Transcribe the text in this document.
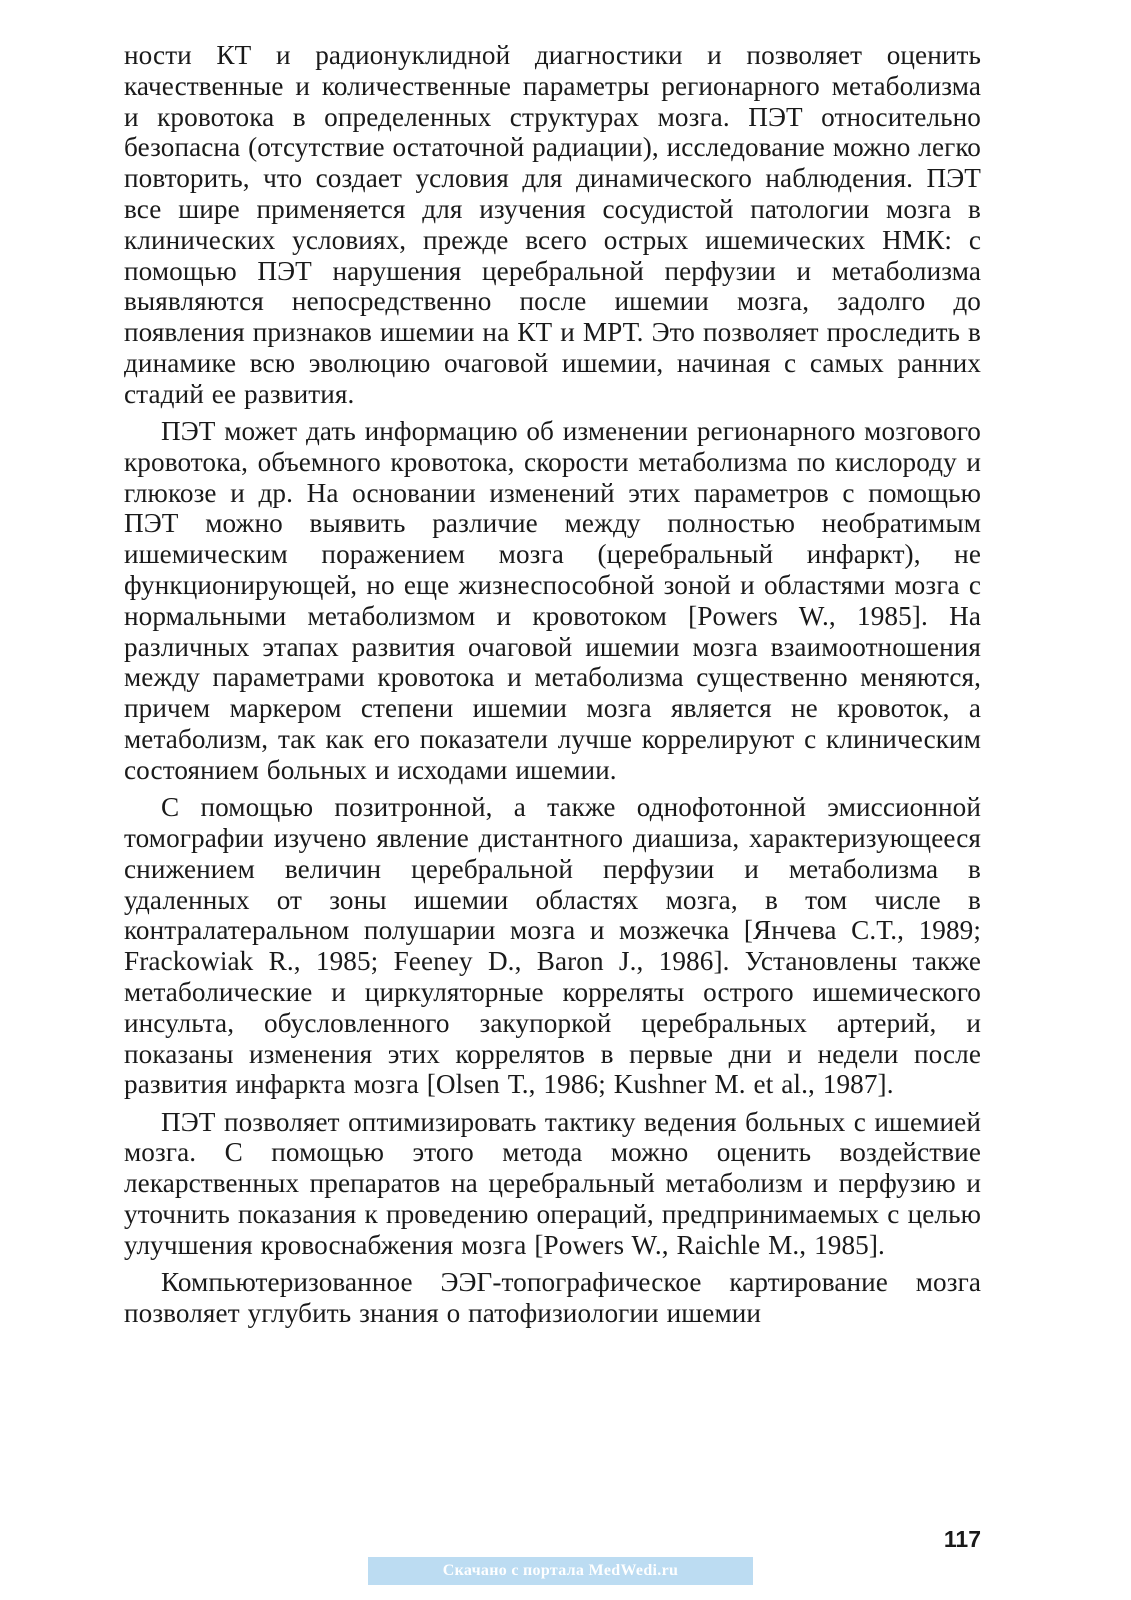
ности КТ и радионуклидной диагностики и позволяет оценить качественные и количественные параметры регионарного метаболизма и кровотока в определенных структурах мозга. ПЭТ относительно безопасна (отсутствие остаточной радиации), исследование можно легко повторить, что создает условия для динамического наблюдения. ПЭТ все шире применяется для изучения сосудистой патологии мозга в клинических условиях, прежде всего острых ишемических НМК: с помощью ПЭТ нарушения церебральной перфузии и метаболизма выявляются непосредственно после ишемии мозга, задолго до появления признаков ишемии на КТ и МРТ. Это позволяет проследить в динамике всю эволюцию очаговой ишемии, начиная с самых ранних стадий ее развития.

ПЭТ может дать информацию об изменении регионарного мозгового кровотока, объемного кровотока, скорости метаболизма по кислороду и глюкозе и др. На основании изменений этих параметров с помощью ПЭТ можно выявить различие между полностью необратимым ишемическим поражением мозга (церебральный инфаркт), не функционирующей, но еще жизнеспособной зоной и областями мозга с нормальными метаболизмом и кровотоком [Powers W., 1985]. На различных этапах развития очаговой ишемии мозга взаимоотношения между параметрами кровотока и метаболизма существенно меняются, причем маркером степени ишемии мозга является не кровоток, а метаболизм, так как его показатели лучше коррелируют с клиническим состоянием больных и исходами ишемии.

С помощью позитронной, а также однофотонной эмиссионной томографии изучено явление дистантного диашиза, характеризующееся снижением величин церебральной перфузии и метаболизма в удаленных от зоны ишемии областях мозга, в том числе в контралатеральном полушарии мозга и мозжечка [Янчева С.Т., 1989; Frackowiak R., 1985; Feeney D., Baron J., 1986]. Установлены также метаболические и циркуляторные корреляты острого ишемического инсульта, обусловленного закупоркой церебральных артерий, и показаны изменения этих коррелятов в первые дни и недели после развития инфаркта мозга [Olsen Т., 1986; Kushner M. et al., 1987].

ПЭТ позволяет оптимизировать тактику ведения больных с ишемией мозга. С помощью этого метода можно оценить воздействие лекарственных препаратов на церебральный метаболизм и перфузию и уточнить показания к проведению операций, предпринимаемых с целью улучшения кровоснабжения мозга [Powers W., Raichle M., 1985].

Компьютеризованное ЭЭГ-топографическое картирование мозга позволяет углубить знания о патофизиологии ишемии

117
Скачано с портала MedWedi.ru
